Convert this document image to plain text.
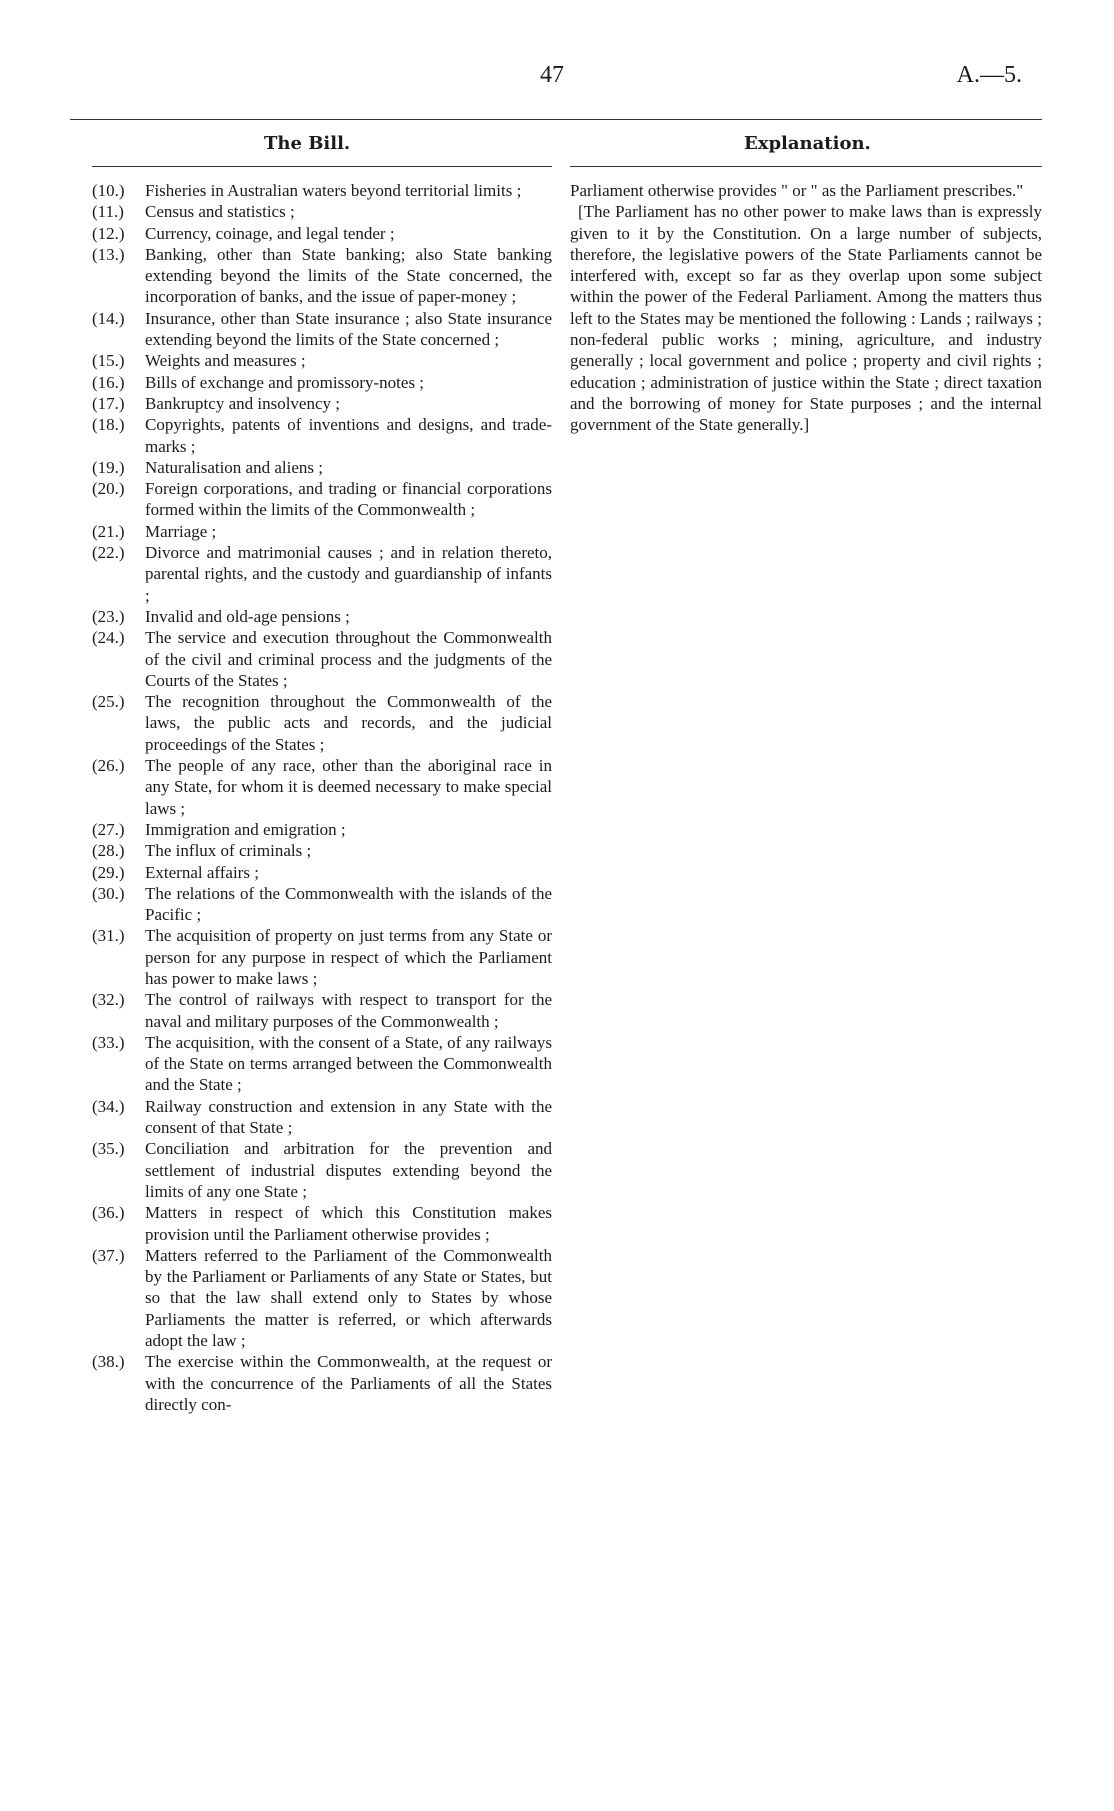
47	A.—5.
The Bill.	Explanation.
(10.) Fisheries in Australian waters beyond territorial limits ;
(11.) Census and statistics ;
(12.) Currency, coinage, and legal tender ;
(13.) Banking, other than State banking; also State banking extending beyond the limits of the State concerned, the incorporation of banks, and the issue of paper-money ;
(14.) Insurance, other than State insurance ; also State insurance extending beyond the limits of the State concerned ;
(15.) Weights and measures ;
(16.) Bills of exchange and promissory-notes ;
(17.) Bankruptcy and insolvency ;
(18.) Copyrights, patents of inventions and designs, and trade-marks ;
(19.) Naturalisation and aliens ;
(20.) Foreign corporations, and trading or financial corporations formed within the limits of the Commonwealth ;
(21.) Marriage ;
(22.) Divorce and matrimonial causes ; and in relation thereto, parental rights, and the custody and guardianship of infants ;
(23.) Invalid and old-age pensions ;
(24.) The service and execution throughout the Commonwealth of the civil and criminal process and the judgments of the Courts of the States ;
(25.) The recognition throughout the Commonwealth of the laws, the public acts and records, and the judicial proceedings of the States ;
(26.) The people of any race, other than the aboriginal race in any State, for whom it is deemed necessary to make special laws ;
(27.) Immigration and emigration ;
(28.) The influx of criminals ;
(29.) External affairs ;
(30.) The relations of the Commonwealth with the islands of the Pacific ;
(31.) The acquisition of property on just terms from any State or person for any purpose in respect of which the Parliament has power to make laws ;
(32.) The control of railways with respect to transport for the naval and military purposes of the Commonwealth ;
(33.) The acquisition, with the consent of a State, of any railways of the State on terms arranged between the Commonwealth and the State ;
(34.) Railway construction and extension in any State with the consent of that State ;
(35.) Conciliation and arbitration for the prevention and settlement of industrial disputes extending beyond the limits of any one State ;
(36.) Matters in respect of which this Constitution makes provision until the Parliament otherwise provides ;
(37.) Matters referred to the Parliament of the Commonwealth by the Parliament or Parliaments of any State or States, but so that the law shall extend only to States by whose Parliaments the matter is referred, or which afterwards adopt the law ;
(38.) The exercise within the Commonwealth, at the request or with the concurrence of the Parliaments of all the States directly con-

Parliament otherwise provides " or " as the Parliament prescribes."

[The Parliament has no other power to make laws than is expressly given to it by the Constitution. On a large number of subjects, therefore, the legislative powers of the State Parliaments cannot be interfered with, except so far as they overlap upon some subject within the power of the Federal Parliament. Among the matters thus left to the States may be mentioned the following : Lands ; railways ; non-federal public works ; mining, agriculture, and industry generally ; local government and police ; property and civil rights ; education ; administration of justice within the State ; direct taxation and the borrowing of money for State purposes ; and the internal government of the State generally.]
